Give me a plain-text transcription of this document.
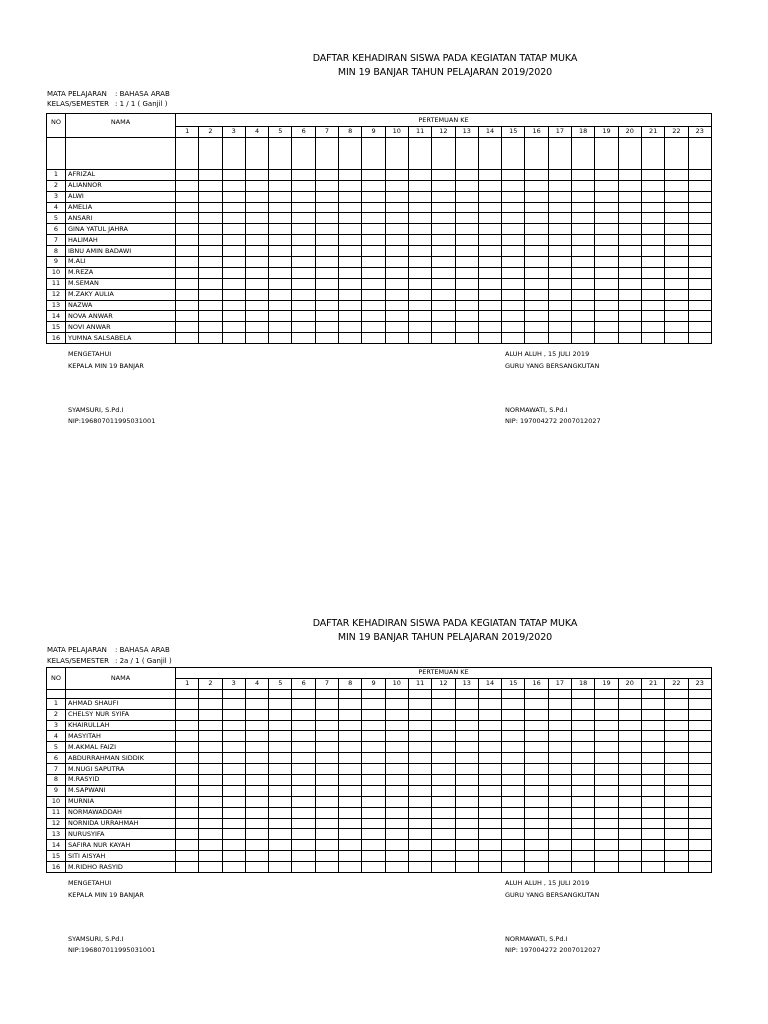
DAFTAR KEHADIRAN SISWA PADA KEGIATAN TATAP MUKA
MIN 19 BANJAR TAHUN PELAJARAN 2019/2020
MATA PELAJARAN : BAHASA ARAB
KELAS/SEMESTER : 1 / 1 ( Ganjil )
NO	NAMA	PERTEMUAN KE																						
		1	2	3	4	5	6	7	8	9	10	11	12	13	14	15	16	17	18	19	20	21	22	23

1	AFRIZAL																							
2	ALIANNOR																							
3	ALWI																							
4	AMELIA																							
5	ANSARI																							
6	GINA YATUL JAHRA																							
7	HALIMAH																							
8	IBNU AMIN BADAWI																							
9	M.ALI																							
10	M.REZA																							
11	M.SEMAN																							
12	M.ZAKY AULIA																							
13	NAZWA																							
14	NOVA ANWAR																							
15	NOVI ANWAR																							
16	YUMNA SALSABELA																							
MENGETAHUI
KEPALA MIN 19 BANJAR
SYAMSURI, S.Pd.I
NIP:196807011995031001
ALUH ALUH , 15 JULI 2019
GURU YANG BERSANGKUTAN
NORMAWATI, S.Pd.I
NIP: 197004272 2007012027
DAFTAR KEHADIRAN SISWA PADA KEGIATAN TATAP MUKA
MIN 19 BANJAR TAHUN PELAJARAN 2019/2020
MATA PELAJARAN : BAHASA ARAB
KELAS/SEMESTER : 2a / 1 ( Ganjil )
NO	NAMA	PERTEMUAN KE																						
		1	2	3	4	5	6	7	8	9	10	11	12	13	14	15	16	17	18	19	20	21	22	23

1	AHMAD SHAUFI																							
2	CHELSY NUR SYIFA																							
3	KHAIRULLAH																							
4	MASYITAH																							
5	M.AKMAL FAIZI																							
6	ABDURRAHMAN SIDDIK																							
7	M.NUGI SAPUTRA																							
8	M.RASYID																							
9	M.SAPWANI																							
10	MURNIA																							
11	NORMAWADDAH																							
12	NORNIDA URRAHMAH																							
13	NURUSYIFA																							
14	SAFIRA NUR KAYAH																							
15	SITI AISYAH																							
16	M.RIDHO RASYID																							
MENGETAHUI
KEPALA MIN 19 BANJAR
SYAMSURI, S.Pd.I
NIP:196807011995031001
ALUH ALUH , 15 JULI 2019
GURU YANG BERSANGKUTAN
NORMAWATI, S.Pd.I
NIP: 197004272 2007012027
